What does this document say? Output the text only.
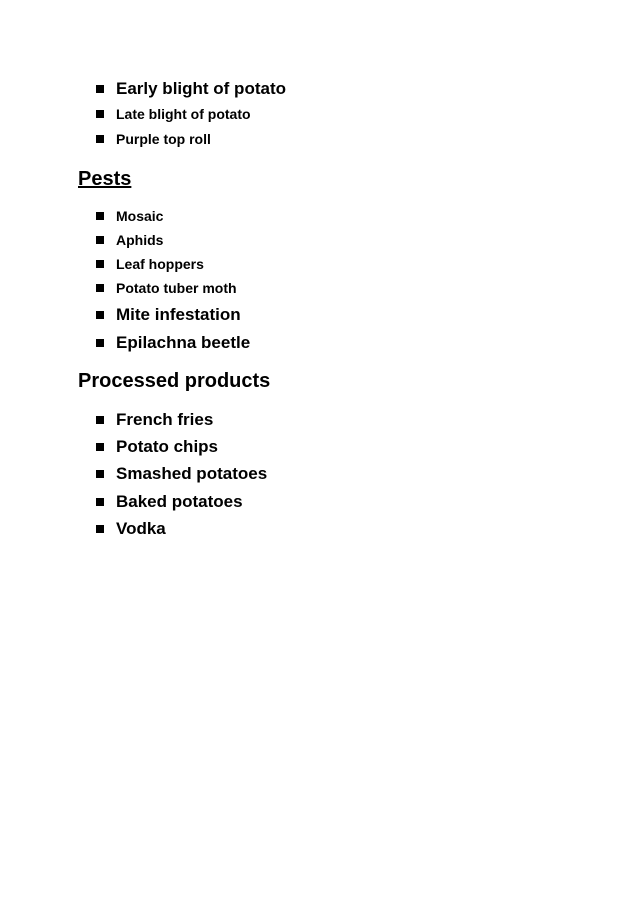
Early blight of potato
Late blight of potato
Purple top roll
Pests
Mosaic
Aphids
Leaf hoppers
Potato tuber moth
Mite infestation
Epilachna beetle
Processed products
French fries
Potato chips
Smashed potatoes
Baked potatoes
Vodka
